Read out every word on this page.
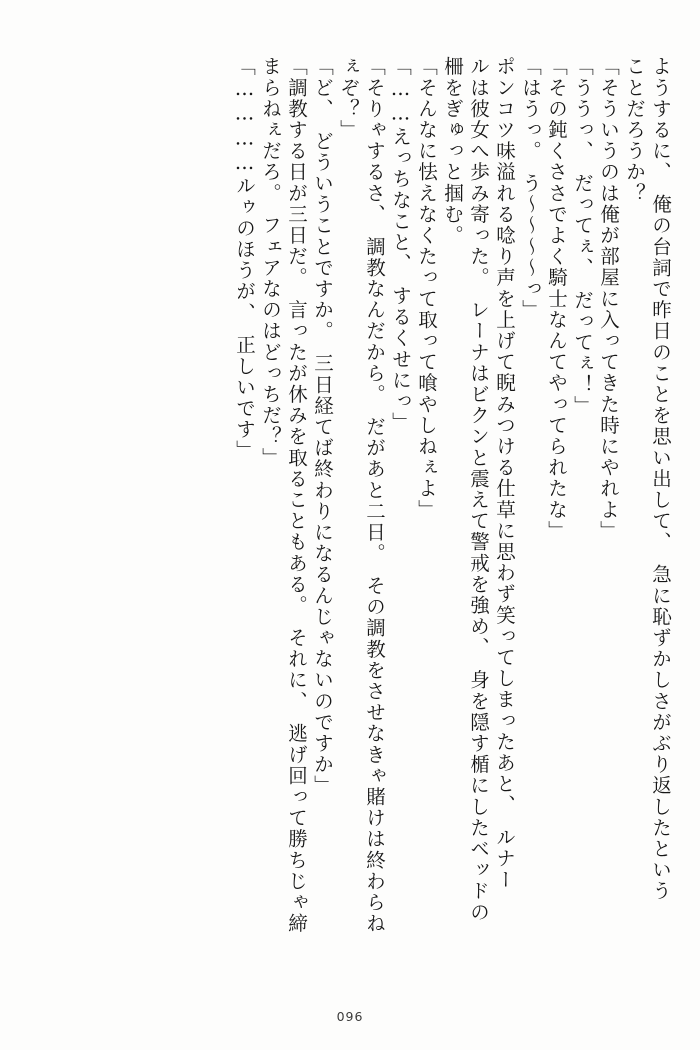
ようするに、　俺の台詞で昨日のことを思い出して、　急に恥ずかしさがぶり返したという
ことだろうか？
「そういうのは俺が部屋に入ってきた時にやれよ」
「ううっ、　だってぇ、　だってぇ！」
「その鈍くささでよく騎士なんてやってられたな」
「はうっ。　う～～～～っ」
ポンコツ味溢れる唸り声を上げて睨みつける仕草に思わず笑ってしまったあと、　ルナー
ルは彼女へ歩み寄った。　レーナはビクンと震えて警戒を強め、　身を隠す楯にしたベッドの
柵をぎゅっと掴む。
「そんなに怯えなくたって取って喰やしねぇよ」
「……えっちなこと、　するくせにっ」
「そりゃするさ、　調教なんだから。　だがあと二日。　その調教をさせなきゃ賭けは終わらね
ぇぞ？」
「ど、　どういうことですか。　三日経てば終わりになるんじゃないのですか」
「調教する日が三日だ。　言ったが休みを取ることもある。　それに、　逃げ回って勝ちじゃ締
まらねぇだろ。　フェアなのはどっちだ？」
「…………ルゥのほうが、　正しいです」
096
